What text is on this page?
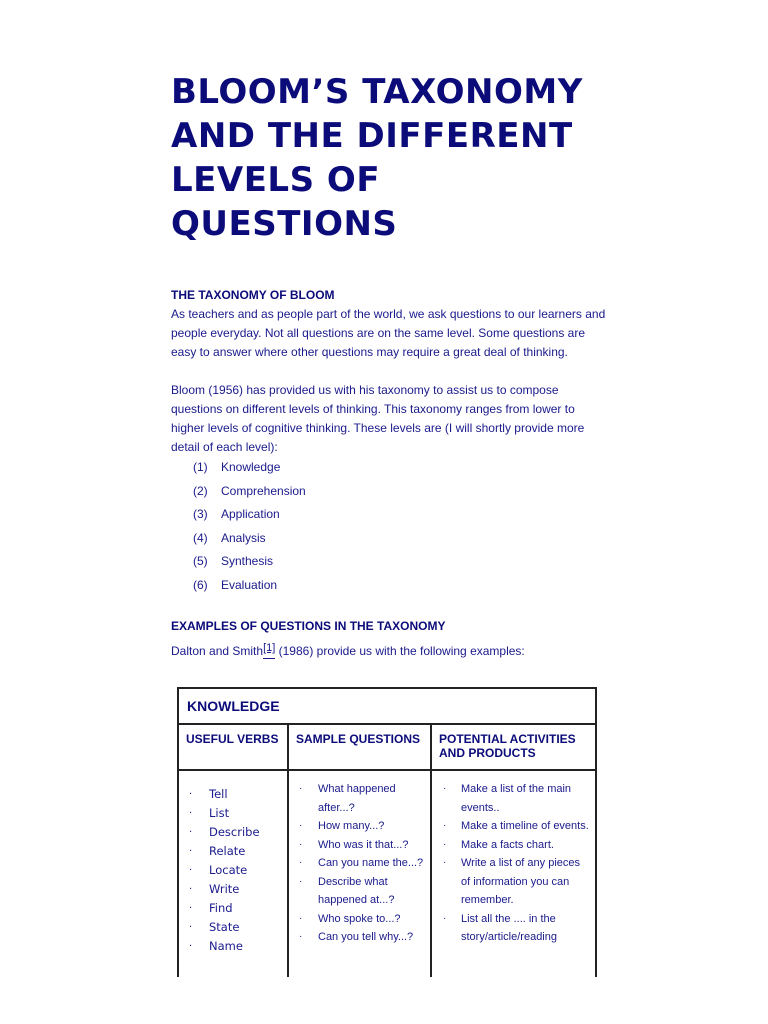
BLOOM’S TAXONOMY AND THE DIFFERENT LEVELS OF QUESTIONS

THE TAXONOMY OF BLOOM

As teachers and as people part of the world, we ask questions to our learners and people everyday. Not all questions are on the same level. Some questions are easy to answer where other questions may require a great deal of thinking.

Bloom (1956) has provided us with his taxonomy to assist us to compose questions on different levels of thinking. This taxonomy ranges from lower to higher levels of cognitive thinking. These levels are (I will shortly provide more detail of each level):

(1) Knowledge
(2) Comprehension
(3) Application
(4) Analysis
(5) Synthesis
(6) Evaluation

EXAMPLES OF QUESTIONS IN THE TAXONOMY

Dalton and Smith[1] (1986) provide us with the following examples:
KNOWLEDGE
USEFUL VERBS	SAMPLE QUESTIONS	POTENTIAL ACTIVITIES AND PRODUCTS
· Tell
· List
· Describe
· Relate
· Locate
· Write
· Find
· State
· Name
· What happened after...?
· How many...?
· Who was it that...?
· Can you name the...?
· Describe what happened at...?
· Who spoke to...?
· Can you tell why...?
· Make a list of the main events..
· Make a timeline of events.
· Make a facts chart.
· Write a list of any pieces of information you can remember.
· List all the .... in the story/article/reading
